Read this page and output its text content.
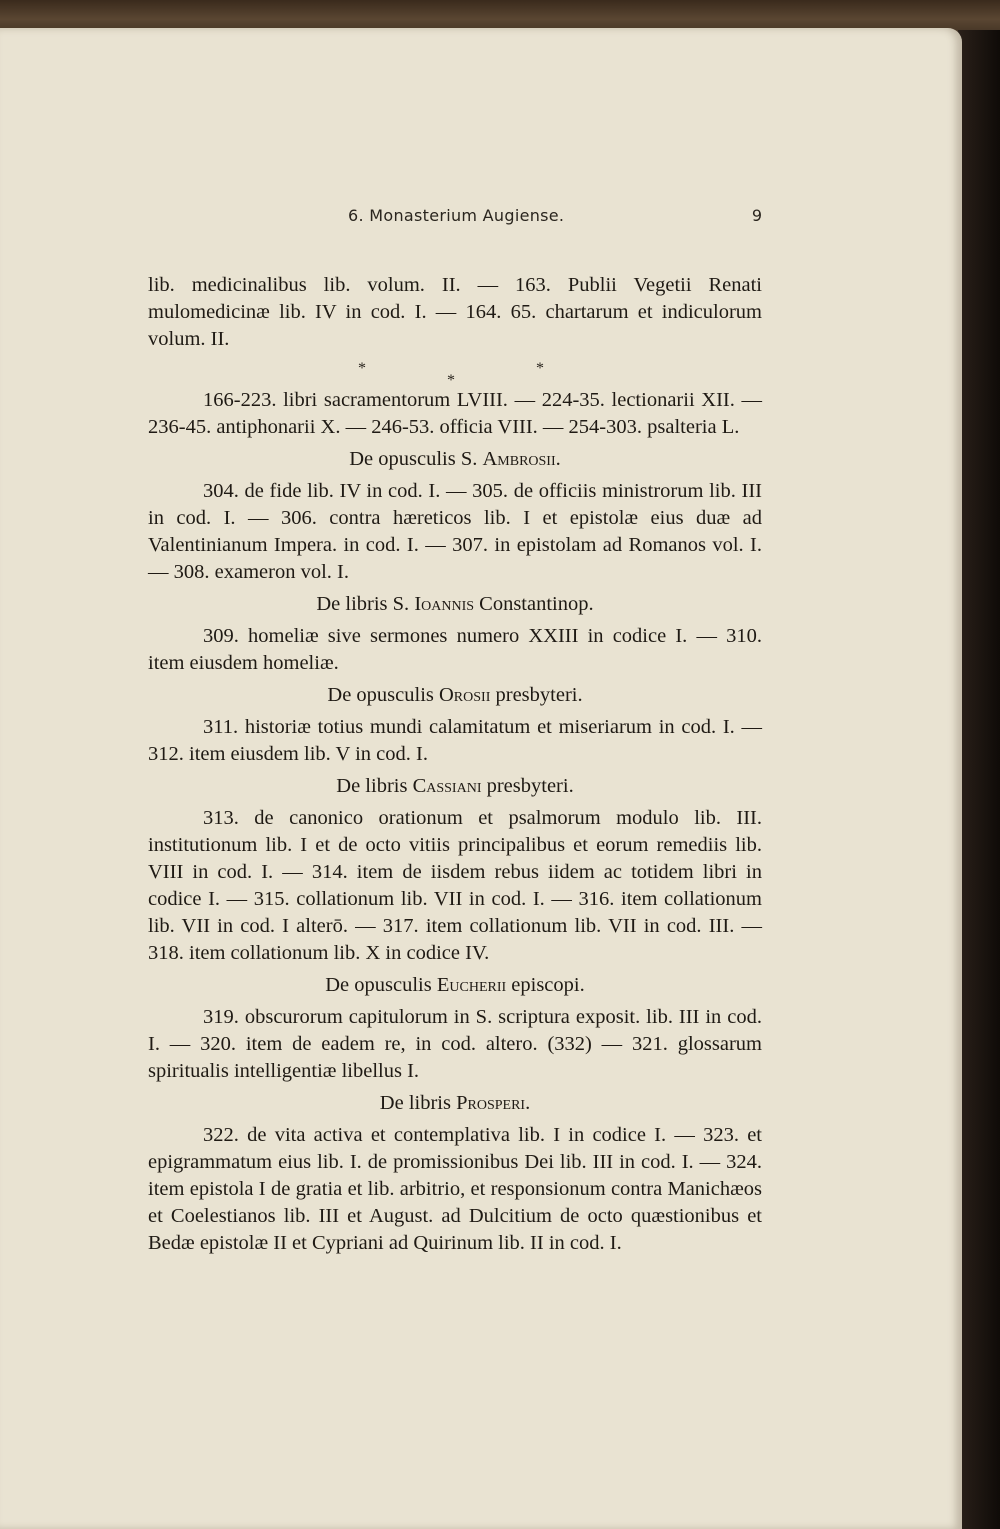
6. Monasterium Augiense.	9

lib. medicinalibus lib. volum. II. — 163. Publii Vegetii Renati mulomedicinæ lib. IV in cod. I. — 164. 65. chartarum et indiculorum volum. II.

*	*
*

166-223. libri sacramentorum LVIII. — 224-35. lectionarii XII. — 236-45. antiphonarii X. — 246-53. officia VIII. — 254-303. psalteria L.

De opusculis S. Ambrosii.

304. de fide lib. IV in cod. I. — 305. de officiis ministrorum lib. III in cod. I. — 306. contra hæreticos lib. I et epistolæ eius duæ ad Valentinianum Impera. in cod. I. — 307. in epistolam ad Romanos vol. I. — 308. exameron vol. I.

De libris S. Ioannis Constantinop.

309. homeliæ sive sermones numero XXIII in codice I. — 310. item eiusdem homeliæ.

De opusculis Orosii presbyteri.

311. historiæ totius mundi calamitatum et miseriarum in cod. I. — 312. item eiusdem lib. V in cod. I.

De libris Cassiani presbyteri.

313. de canonico orationum et psalmorum modulo lib. III. institutionum lib. I et de octo vitiis principalibus et eorum remediis lib. VIII in cod. I. — 314. item de iisdem rebus iidem ac totidem libri in codice I. — 315. collationum lib. VII in cod. I. — 316. item collationum lib. VII in cod. I alterō. — 317. item collationum lib. VII in cod. III. — 318. item collationum lib. X in codice IV.

De opusculis Eucherii episcopi.

319. obscurorum capitulorum in S. scriptura exposit. lib. III in cod. I. — 320. item de eadem re, in cod. altero. (332) — 321. glossarum spiritualis intelligentiæ libellus I.

De libris Prosperi.

322. de vita activa et contemplativa lib. I in codice I. — 323. et epigrammatum eius lib. I. de promissionibus Dei lib. III in cod. I. — 324. item epistola I de gratia et lib. arbitrio, et responsionum contra Manichæos et Coelestianos lib. III et August. ad Dulcitium de octo quæstionibus et Bedæ epistolæ II et Cypriani ad Quirinum lib. II in cod. I.
